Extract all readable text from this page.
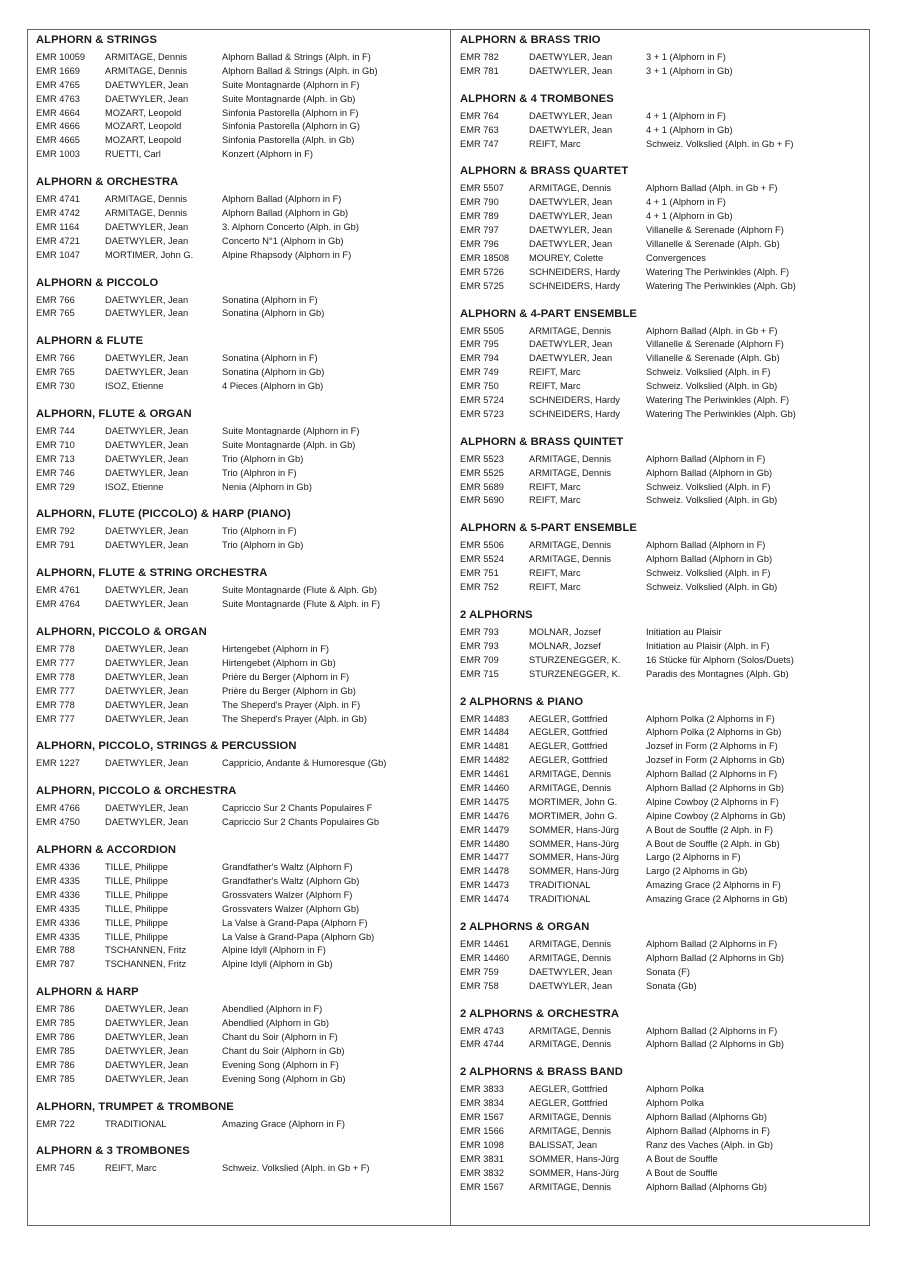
ALPHORN & STRINGS
EMR 10059	ARMITAGE, Dennis	Alphorn Ballad & Strings (Alph. in F)
EMR 1669	ARMITAGE, Dennis	Alphorn Ballad & Strings (Alph. in Gb)
EMR 4765	DAETWYLER, Jean	Suite Montagnarde (Alphorn in F)
EMR 4763	DAETWYLER, Jean	Suite Montagnarde (Alph. in Gb)
EMR 4664	MOZART, Leopold	Sinfonia Pastorella (Alphorn in F)
EMR 4666	MOZART, Leopold	Sinfonia Pastorella (Alphorn in G)
EMR 4665	MOZART, Leopold	Sinfonia Pastorella (Alph. in Gb)
EMR 1003	RUETTI, Carl	Konzert (Alphorn in F)
ALPHORN & ORCHESTRA
EMR 4741	ARMITAGE, Dennis	Alphorn Ballad (Alphorn in F)
EMR 4742	ARMITAGE, Dennis	Alphorn Ballad (Alphorn in Gb)
EMR 1164	DAETWYLER, Jean	3. Alphorn Concerto (Alph. in Gb)
EMR 4721	DAETWYLER, Jean	Concerto N°1 (Alphorn in Gb)
EMR 1047	MORTIMER, John G.	Alpine Rhapsody (Alphorn in F)
ALPHORN & PICCOLO
EMR 766	DAETWYLER, Jean	Sonatina (Alphorn in F)
EMR 765	DAETWYLER, Jean	Sonatina (Alphorn in Gb)
ALPHORN & FLUTE
EMR 766	DAETWYLER, Jean	Sonatina (Alphorn in F)
EMR 765	DAETWYLER, Jean	Sonatina (Alphorn in Gb)
EMR 730	ISOZ, Etienne	4 Pieces (Alphorn in Gb)
ALPHORN, FLUTE & ORGAN
EMR 744	DAETWYLER, Jean	Suite Montagnarde (Alphorn in F)
EMR 710	DAETWYLER, Jean	Suite Montagnarde (Alph. in Gb)
EMR 713	DAETWYLER, Jean	Trio (Alphorn in Gb)
EMR 746	DAETWYLER, Jean	Trio (Alphron in F)
EMR 729	ISOZ, Etienne	Nenia (Alphorn in Gb)
ALPHORN, FLUTE (PICCOLO) & HARP (PIANO)
EMR 792	DAETWYLER, Jean	Trio (Alphorn in F)
EMR 791	DAETWYLER, Jean	Trio (Alphorn in Gb)
ALPHORN, FLUTE & STRING ORCHESTRA
EMR 4761	DAETWYLER, Jean	Suite Montagnarde (Flute & Alph. Gb)
EMR 4764	DAETWYLER, Jean	Suite Montagnarde (Flute & Alph. in F)
ALPHORN, PICCOLO & ORGAN
EMR 778	DAETWYLER, Jean	Hirtengebet (Alphorn in F)
EMR 777	DAETWYLER, Jean	Hirtengebet (Alphorn in Gb)
EMR 778	DAETWYLER, Jean	Prière du Berger (Alphorn in F)
EMR 777	DAETWYLER, Jean	Prière du Berger (Alphorn in Gb)
EMR 778	DAETWYLER, Jean	The Sheperd's Prayer (Alph. in F)
EMR 777	DAETWYLER, Jean	The Sheperd's Prayer (Alph. in Gb)
ALPHORN, PICCOLO, STRINGS & PERCUSSION
EMR 1227	DAETWYLER, Jean	Cappricio, Andante & Humoresque (Gb)
ALPHORN, PICCOLO & ORCHESTRA
EMR 4766	DAETWYLER, Jean	Capriccio Sur 2 Chants Populaires F
EMR 4750	DAETWYLER, Jean	Capriccio Sur 2 Chants Populaires Gb
ALPHORN & ACCORDION
EMR 4336	TILLE, Philippe	Grandfather's Waltz (Alphorn F)
EMR 4335	TILLE, Philippe	Grandfather's Waltz (Alphorn Gb)
EMR 4336	TILLE, Philippe	Grossvaters Walzer (Alphorn F)
EMR 4335	TILLE, Philippe	Grossvaters Walzer (Alphorn Gb)
EMR 4336	TILLE, Philippe	La Valse à Grand-Papa (Alphorn F)
EMR 4335	TILLE, Philippe	La Valse à Grand-Papa (Alphorn Gb)
EMR 788	TSCHANNEN, Fritz	Alpine Idyll (Alphorn in F)
EMR 787	TSCHANNEN, Fritz	Alpine Idyll (Alphorn in Gb)
ALPHORN & HARP
EMR 786	DAETWYLER, Jean	Abendlied (Alphorn in F)
EMR 785	DAETWYLER, Jean	Abendlied (Alphorn in Gb)
EMR 786	DAETWYLER, Jean	Chant du Soir (Alphorn in F)
EMR 785	DAETWYLER, Jean	Chant du Soir (Alphorn in Gb)
EMR 786	DAETWYLER, Jean	Evening Song (Alphorn in F)
EMR 785	DAETWYLER, Jean	Evening Song (Alphorn in Gb)
ALPHORN, TRUMPET & TROMBONE
EMR 722	TRADITIONAL	Amazing Grace (Alphorn in F)
ALPHORN & 3 TROMBONES
EMR 745	REIFT, Marc	Schweiz. Volkslied (Alph. in Gb + F)
ALPHORN & BRASS TRIO
EMR 782	DAETWYLER, Jean	3 + 1 (Alphorn in F)
EMR 781	DAETWYLER, Jean	3 + 1 (Alphorn in Gb)
ALPHORN & 4 TROMBONES
EMR 764	DAETWYLER, Jean	4 + 1 (Alphorn in F)
EMR 763	DAETWYLER, Jean	4 + 1 (Alphorn in Gb)
EMR 747	REIFT, Marc	Schweiz. Volkslied (Alph. in Gb + F)
ALPHORN & BRASS QUARTET
EMR 5507	ARMITAGE, Dennis	Alphorn Ballad (Alph. in Gb + F)
EMR 790	DAETWYLER, Jean	4 + 1 (Alphorn in F)
EMR 789	DAETWYLER, Jean	4 + 1 (Alphorn in Gb)
EMR 797	DAETWYLER, Jean	Villanelle & Serenade (Alphorn F)
EMR 796	DAETWYLER, Jean	Villanelle & Serenade (Alph. Gb)
EMR 18508	MOUREY, Colette	Convergences
EMR 5726	SCHNEIDERS, Hardy	Watering The Periwinkles (Alph. F)
EMR 5725	SCHNEIDERS, Hardy	Watering The Periwinkles (Alph. Gb)
ALPHORN & 4-PART ENSEMBLE
EMR 5505	ARMITAGE, Dennis	Alphorn Ballad (Alph. in Gb + F)
EMR 795	DAETWYLER, Jean	Villanelle & Serenade (Alphorn F)
EMR 794	DAETWYLER, Jean	Villanelle & Serenade (Alph. Gb)
EMR 749	REIFT, Marc	Schweiz. Volkslied (Alph. in F)
EMR 750	REIFT, Marc	Schweiz. Volkslied (Alph. in Gb)
EMR 5724	SCHNEIDERS, Hardy	Watering The Periwinkles (Alph. F)
EMR 5723	SCHNEIDERS, Hardy	Watering The Periwinkles (Alph. Gb)
ALPHORN & BRASS QUINTET
EMR 5523	ARMITAGE, Dennis	Alphorn Ballad (Alphorn in F)
EMR 5525	ARMITAGE, Dennis	Alphorn Ballad (Alphorn in Gb)
EMR 5689	REIFT, Marc	Schweiz. Volkslied (Alph. in F)
EMR 5690	REIFT, Marc	Schweiz. Volkslied (Alph. in Gb)
ALPHORN & 5-PART ENSEMBLE
EMR 5506	ARMITAGE, Dennis	Alphorn Ballad (Alphorn in F)
EMR 5524	ARMITAGE, Dennis	Alphorn Ballad (Alphorn in Gb)
EMR 751	REIFT, Marc	Schweiz. Volkslied (Alph. in F)
EMR 752	REIFT, Marc	Schweiz. Volkslied (Alph. in Gb)
2 ALPHORNS
EMR 793	MOLNAR, Jozsef	Initiation au Plaisir
EMR 793	MOLNAR, Jozsef	Initiation au Plaisir (Alph. in F)
EMR 709	STURZENEGGER, K.	16 Stücke für Alphorn (Solos/Duets)
EMR 715	STURZENEGGER, K.	Paradis des Montagnes (Alph. Gb)
2 ALPHORNS & PIANO
EMR 14483	AEGLER, Gottfried	Alphorn Polka (2 Alphorns in F)
EMR 14484	AEGLER, Gottfried	Alphorn Polka (2 Alphorns in Gb)
EMR 14481	AEGLER, Gottfried	Jozsef in Form (2 Alphorns in F)
EMR 14482	AEGLER, Gottfried	Jozsef in Form (2 Alphorns in Gb)
EMR 14461	ARMITAGE, Dennis	Alphorn Ballad (2 Alphorns in F)
EMR 14460	ARMITAGE, Dennis	Alphorn Ballad (2 Alphorns in Gb)
EMR 14475	MORTIMER, John G.	Alpine Cowboy (2 Alphorns in F)
EMR 14476	MORTIMER, John G.	Alpine Cowboy (2 Alphorns in Gb)
EMR 14479	SOMMER, Hans-Jürg	A Bout de Souffle (2 Alph. in F)
EMR 14480	SOMMER, Hans-Jürg	A Bout de Souffle (2 Alph. in Gb)
EMR 14477	SOMMER, Hans-Jürg	Largo (2 Alphorns in F)
EMR 14478	SOMMER, Hans-Jürg	Largo (2 Alphorns in Gb)
EMR 14473	TRADITIONAL	Amazing Grace (2 Alphorns in F)
EMR 14474	TRADITIONAL	Amazing Grace (2 Alphorns in Gb)
2 ALPHORNS & ORGAN
EMR 14461	ARMITAGE, Dennis	Alphorn Ballad (2 Alphorns in F)
EMR 14460	ARMITAGE, Dennis	Alphorn Ballad (2 Alphorns in Gb)
EMR 759	DAETWYLER, Jean	Sonata (F)
EMR 758	DAETWYLER, Jean	Sonata (Gb)
2 ALPHORNS & ORCHESTRA
EMR 4743	ARMITAGE, Dennis	Alphorn Ballad (2 Alphorns in F)
EMR 4744	ARMITAGE, Dennis	Alphorn Ballad (2 Alphorns in Gb)
2 ALPHORNS & BRASS BAND
EMR 3833	AEGLER, Gottfried	Alphorn Polka
EMR 3834	AEGLER, Gottfried	Alphorn Polka
EMR 1567	ARMITAGE, Dennis	Alphorn Ballad (Alphorns Gb)
EMR 1566	ARMITAGE, Dennis	Alphorn Ballad (Alphorns in F)
EMR 1098	BALISSAT, Jean	Ranz des Vaches (Alph. in Gb)
EMR 3831	SOMMER, Hans-Jürg	A Bout de Souffle
EMR 3832	SOMMER, Hans-Jürg	A Bout de Souffle
EMR 1567	ARMITAGE, Dennis	Alphorn Ballad (Alphorns Gb)
